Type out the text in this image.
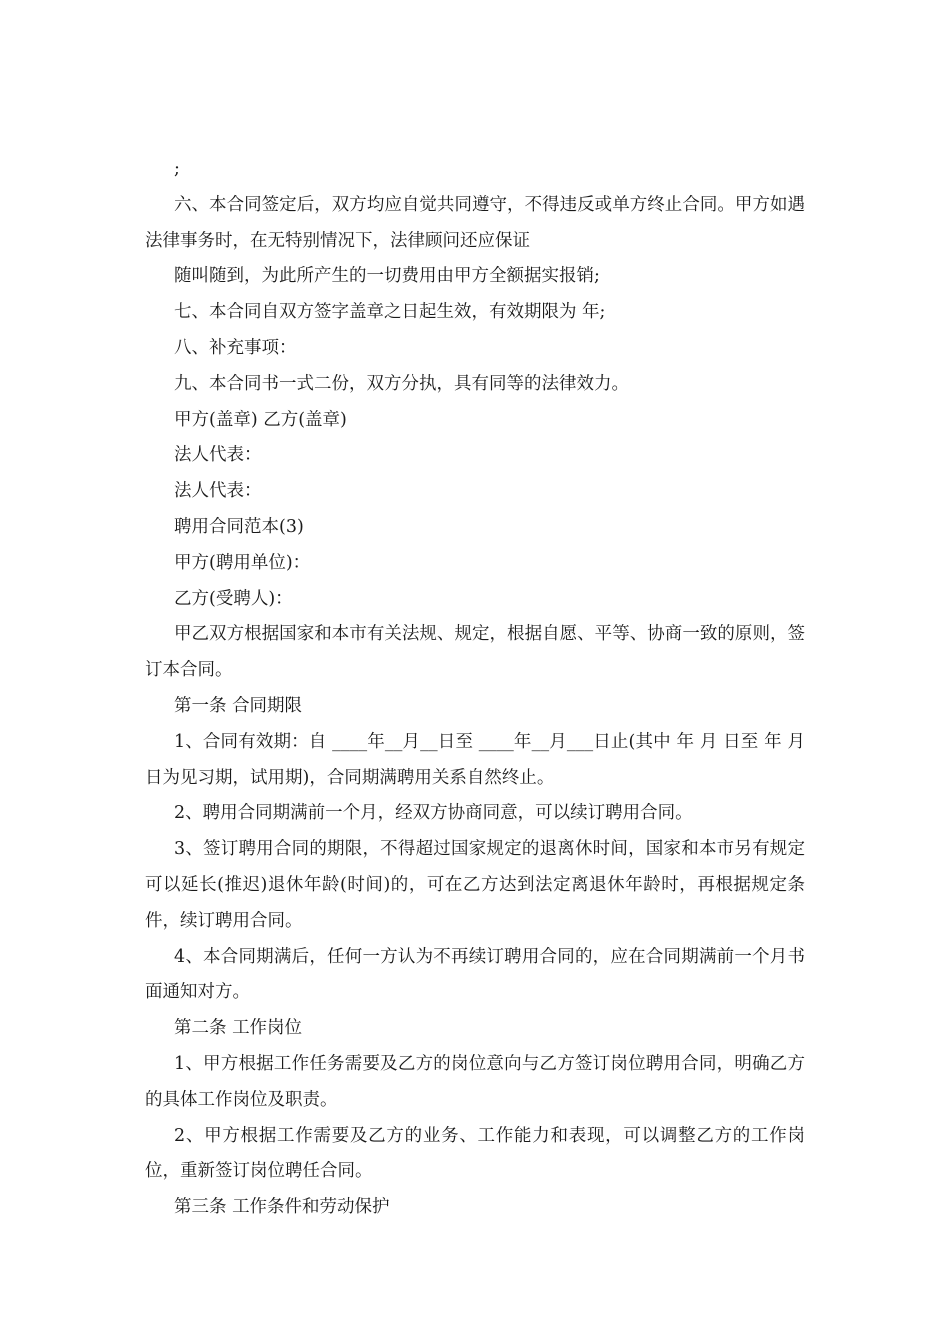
;

六、本合同签定后，双方均应自觉共同遵守，不得违反或单方终止合同。甲方如遇法律事务时，在无特别情况下，法律顾问还应保证

随叫随到，为此所产生的一切费用由甲方全额据实报销;

七、本合同自双方签字盖章之日起生效，有效期限为 年;

八、补充事项：

九、本合同书一式二份，双方分执，具有同等的法律效力。

甲方(盖章) 乙方(盖章)

法人代表：

法人代表：

聘用合同范本(3)

甲方(聘用单位)：

乙方(受聘人)：

甲乙双方根据国家和本市有关法规、规定，根据自愿、平等、协商一致的原则，签订本合同。

第一条 合同期限

1、合同有效期：自 ____年__月__日至 ____年__月___日止(其中 年 月 日至 年 月 日为见习期，试用期)，合同期满聘用关系自然终止。

2、聘用合同期满前一个月，经双方协商同意，可以续订聘用合同。

3、签订聘用合同的期限，不得超过国家规定的退离休时间，国家和本市另有规定可以延长(推迟)退休年龄(时间)的，可在乙方达到法定离退休年龄时，再根据规定条件，续订聘用合同。

4、本合同期满后，任何一方认为不再续订聘用合同的，应在合同期满前一个月书面通知对方。

第二条 工作岗位

1、甲方根据工作任务需要及乙方的岗位意向与乙方签订岗位聘用合同，明确乙方的具体工作岗位及职责。

2、甲方根据工作需要及乙方的业务、工作能力和表现，可以调整乙方的工作岗位，重新签订岗位聘任合同。

第三条 工作条件和劳动保护
